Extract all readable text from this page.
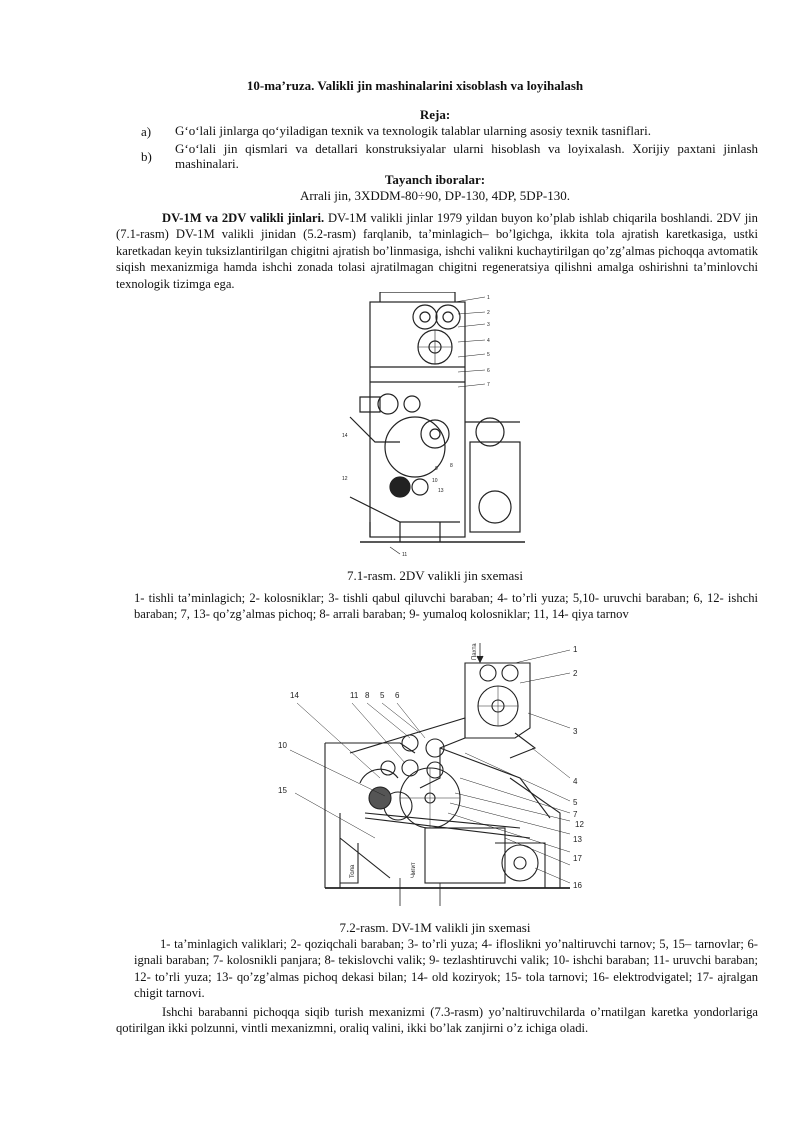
10-ma’ruza. Valikli jin mashinalarini xisoblash va loyihalash
Reja:
a) G‘o‘lali jinlarga qo‘yiladigan texnik va texnologik talablar ularning asosiy texnik tasniflari.
b)
G‘o‘lali jin qismlari va detallari konstruksiyalar ularni hisoblash va loyixalash. Xorijiy paxtani jinlash mashinalari.
Tayanch iboralar:
Arrali jin, 3XDDM-80÷90, DP-130, 4DP, 5DP-130.
DV-1M va 2DV valikli jinlari. DV-1M valikli jinlar 1979 yildan buyon ko’plab ishlab chiqarila boshlandi. 2DV jin (7.1-rasm) DV-1M valikli jinidan (5.2-rasm) farqlanib, ta’minlagich– bo’lgichga, ikkita tola ajratish karetkasiga, ustki karetkadan keyin tuksizlantirilgan chigitni ajratish bo’linmasiga, ishchi valikni kuchaytirilgan qo’zg’almas pichoqqa avtomatik siqish mexanizmiga hamda ishchi zonada tolasi ajratilmagan chigitni regeneratsiya qilishni amalga oshirishni ta’minlovchi texnologik tizimga ega.
1
2
3
4
5
6
7
8
9
10
11
12
13
14
7.1-rasm. 2DV valikli jin sxemasi
1- tishli ta’minlagich; 2- kolosniklar; 3- tishli qabul qiluvchi baraban; 4- to’rli yuza; 5,10- uruvchi baraban; 6, 12- ishchi baraban; 7, 13- qo’zg’almas pichoq; 8- arrali baraban; 9- yumaloq kolosniklar; 11, 14- qiya tarnov
14	11 8 5 6
1
2
3
4
5
7
12
13
17
16
10
15
Пахта
Тола	Чигит
7.2-rasm. DV-1M valikli jin sxemasi
1- ta’minlagich valiklari; 2- qoziqchali baraban; 3- to’rli yuza; 4- ifloslikni yo’naltiruvchi tarnov; 5, 15– tarnovlar; 6- ignali baraban; 7- kolosnikli panjara; 8- tekislovchi valik; 9- tezlashtiruvchi valik; 10- ishchi baraban; 11- uruvchi baraban; 12- to’rli yuza; 13- qo’zg’almas pichoq dekasi bilan; 14- old koziryok; 15- tola tarnovi; 16- elektrodvigatel; 17- ajralgan chigit tarnovi.
Ishchi barabanni pichoqqa siqib turish mexanizmi (7.3-rasm) yo’naltiruvchilarda o’rnatilgan karetka yondorlariga qotirilgan ikki polzunni, vintli mexanizmni, oraliq valini, ikki bo’lak zanjirni o’z ichiga oladi.
